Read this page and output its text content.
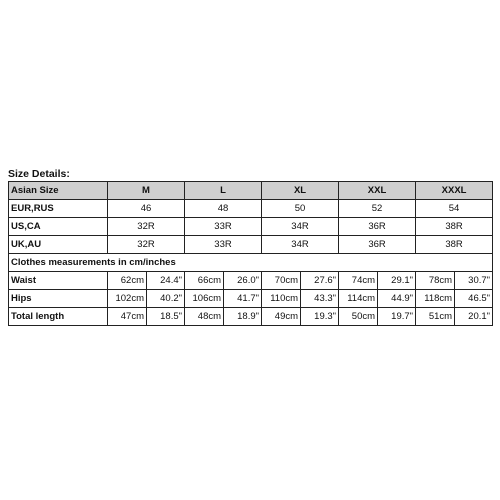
Size Details:
Asian Size	M		L		XL		XXL		XXXL	
EUR,RUS	46		48		50		52		54	
US,CA	32R		33R		34R		36R		38R	
UK,AU	32R		33R		34R		36R		38R	
Clothes measurements in cm/inches										
Waist	62cm	24.4"	66cm	26.0"	70cm	27.6"	74cm	29.1"	78cm	30.7"
Hips	102cm	40.2"	106cm	41.7"	110cm	43.3"	114cm	44.9"	118cm	46.5"
Total length	47cm	18.5"	48cm	18.9"	49cm	19.3"	50cm	19.7"	51cm	20.1"
